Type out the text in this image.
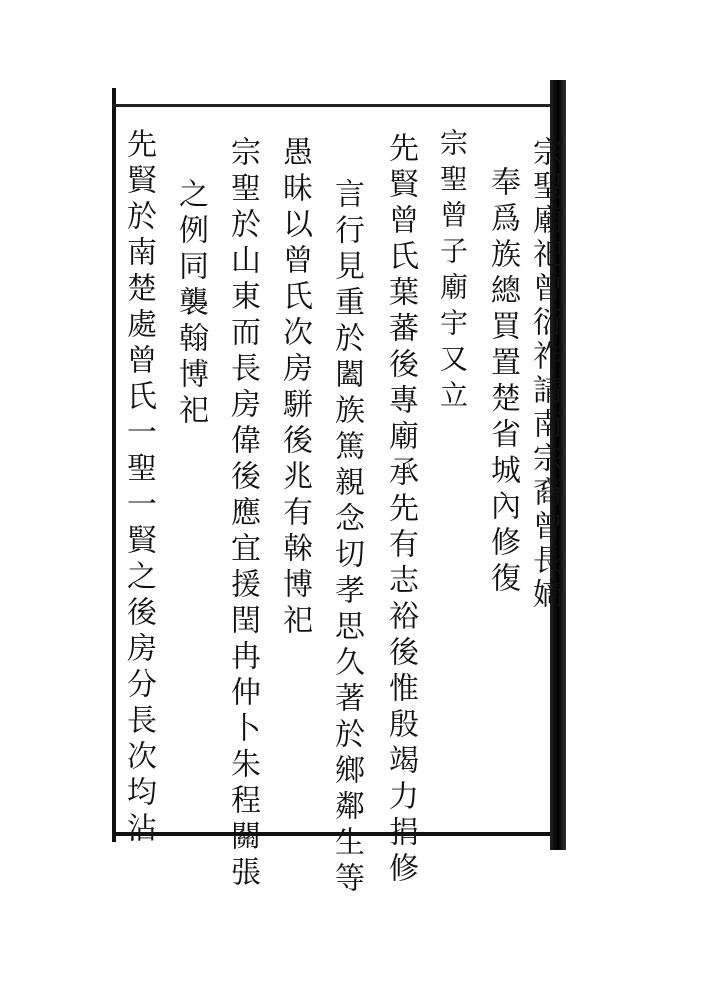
宗聖廟祀曾衍祚請南宗裔曾長嫡
奉爲族總買置楚省城內修復
宗聖曾子廟宇又立
先賢曾氏葉蕃後專廟承先有志裕後惟殷竭力捐修
言行見重於闔族篤親念切孝思久著於鄉鄰生等
愚昧以曾氏次房駢後兆有榦博祀
宗聖於山東而長房偉後應宜援閏冉仲卜朱程關張
之例同襲翰博祀
先賢於南楚處曾氏一聖一賢之後房分長次均沾
